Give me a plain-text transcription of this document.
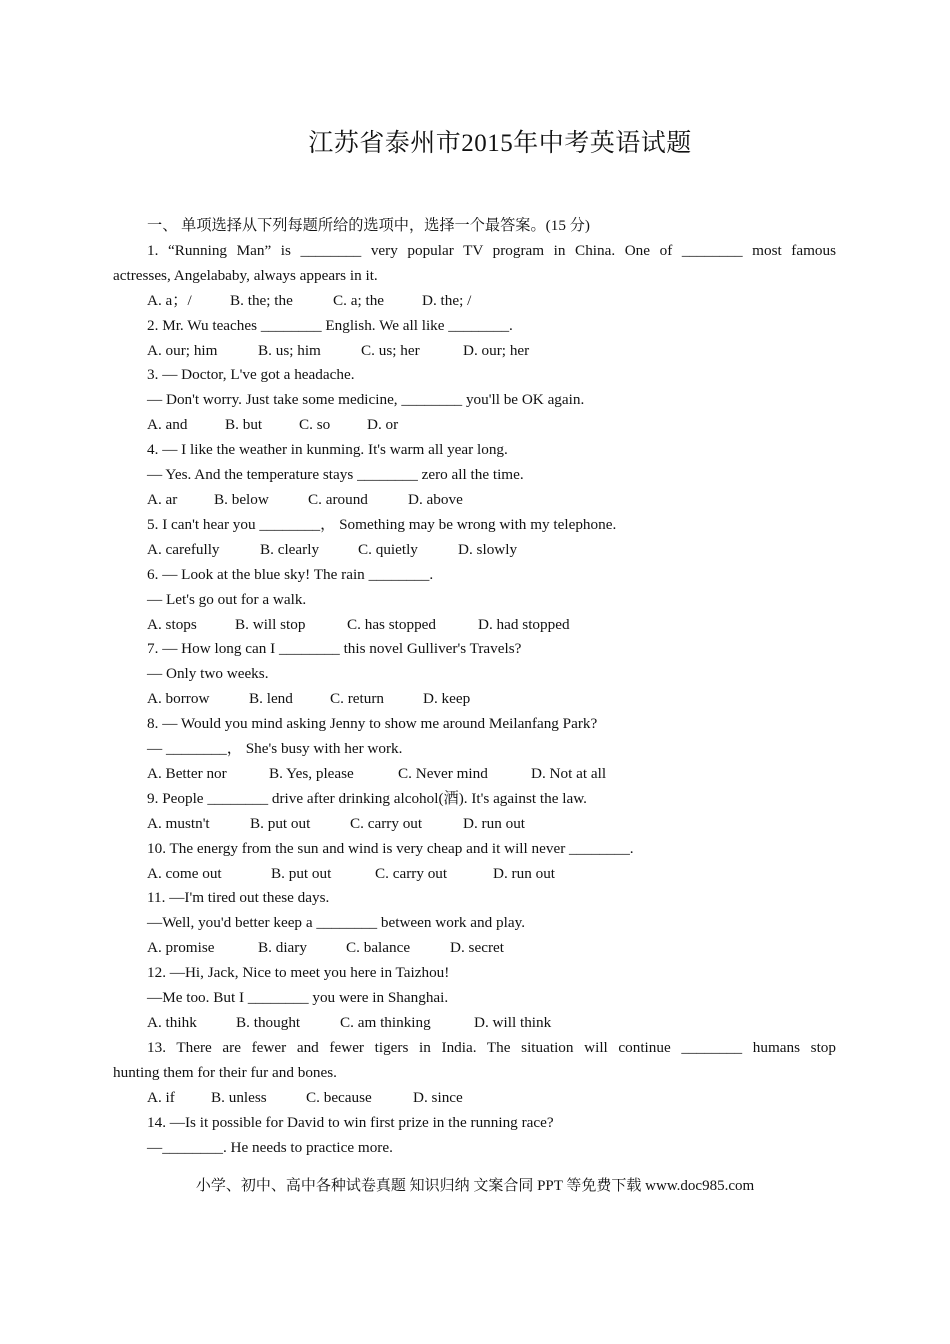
江苏省泰州市2015年中考英语试题
一、 单项选择从下列每题所给的选项中，选择一个最答案。(15 分)
1. “Running Man” is ________ very popular TV program in China. One of ________ most famous
actresses, Angelababy, always appears in it.
A. a；/	B. the; the	C. a; the D. the; /
2. Mr. Wu teaches ________ English. We all like ________.
A. our; him	B. us; him	C. us; her	D. our; her
3. — Doctor, L've got a headache.
— Don't worry. Just take some medicine, ________ you'll be OK again.
A. and B. but C. so D. or
4. — I like the weather in kunming. It's warm all year long.
— Yes. And the temperature stays ________ zero all the time.
A. ar B. below	C. around	D. above
5. I can't hear you ________， Something may be wrong with my telephone.
A. carefully	B. clearly	C. quietly	D. slowly
6. — Look at the blue sky! The rain ________.
— Let's go out for a walk.
A. stops	B. will stop	C. has stopped	D. had stopped
7. — How long can I ________ this novel Gulliver's Travels?
— Only two weeks.
A. borrow	B. lend C. return	D. keep
8. — Would you mind asking Jenny to show me around Meilanfang Park?
— ________， She's busy with her work.
A. Better nor	B. Yes, please	C. Never mind	D. Not at all
9. People ________ drive after drinking alcohol(酒). It's against the law.
A. mustn't	B. put out	C. carry out	D. run out
10. The energy from the sun and wind is very cheap and it will never ________.
A. come out	B. put out	C. carry out	D. run out
11. —I'm tired out these days.
—Well, you'd better keep a ________ between work and play.
A. promise	B. diary	C. balance	D. secret
12. —Hi, Jack, Nice to meet you here in Taizhou!
—Me too. But I ________ you were in Shanghai.
A. thihk	B. thought	C. am thinking	D. will think
13. There are fewer and fewer tigers in India. The situation will continue ________ humans stop
hunting them for their fur and bones.
A. if B. unless	C. because	D. since
14. —Is it possible for David to win first prize in the running race?
—________. He needs to practice more.
小学、初中、高中各种试卷真题 知识归纳 文案合同 PPT 等免费下载 www.doc985.com
